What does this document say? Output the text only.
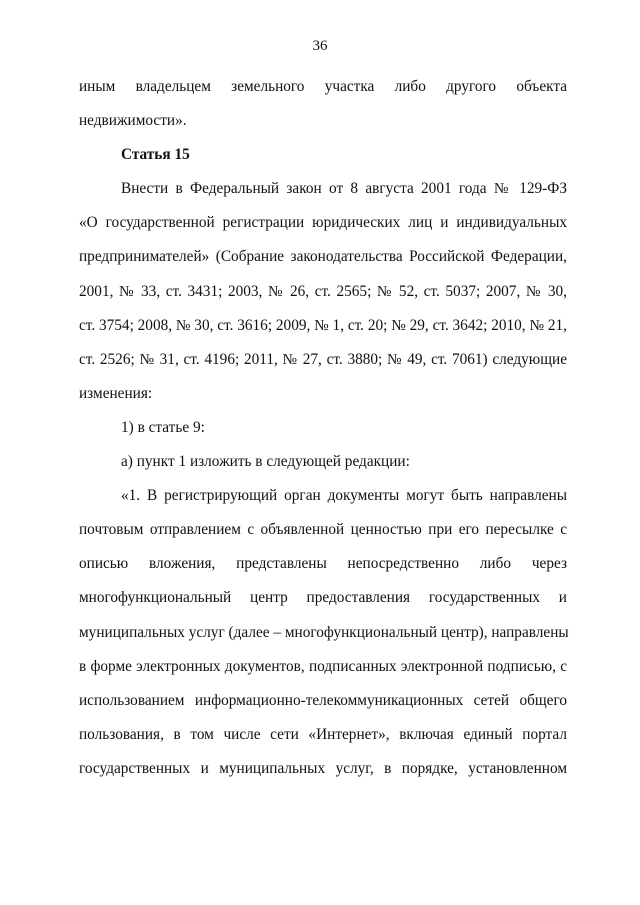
36
иным владельцем земельного участка либо другого объекта
недвижимости».
Статья 15
Внести в Федеральный закон от 8 августа 2001 года № 129-ФЗ
«О государственной регистрации юридических лиц и индивидуальных
предпринимателей» (Собрание законодательства Российской Федерации,
2001, № 33, ст. 3431; 2003, № 26, ст. 2565; № 52, ст. 5037; 2007, № 30,
ст. 3754; 2008, № 30, ст. 3616; 2009, № 1, ст. 20; № 29, ст. 3642; 2010, № 21,
ст. 2526; № 31, ст. 4196; 2011, № 27, ст. 3880; № 49, ст. 7061) следующие
изменения:
1) в статье 9:
а) пункт 1 изложить в следующей редакции:
«1. В регистрирующий орган документы могут быть направлены
почтовым отправлением с объявленной ценностью при его пересылке с
описью вложения, представлены непосредственно либо через
многофункциональный центр предоставления государственных и
муниципальных услуг (далее – многофункциональный центр), направлены
в форме электронных документов, подписанных электронной подписью, с
использованием информационно-телекоммуникационных сетей общего
пользования, в том числе сети «Интернет», включая единый портал
государственных и муниципальных услуг, в порядке, установленном
